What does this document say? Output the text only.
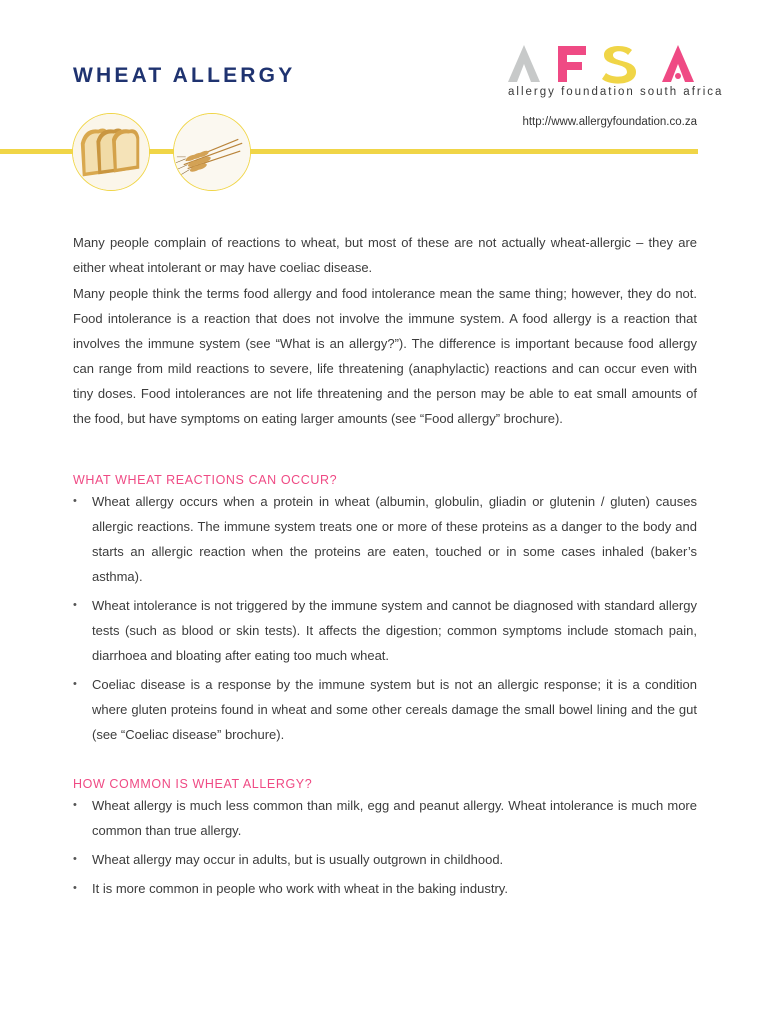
WHEAT ALLERGY
allergy foundation south africa
http://www.allergyfoundation.co.za

Many people complain of reactions to wheat, but most of these are not actually wheat-allergic – they are either wheat intolerant or may have coeliac disease.

Many people think the terms food allergy and food intolerance mean the same thing; however, they do not. Food intolerance is a reaction that does not involve the immune system. A food allergy is a reaction that involves the immune system (see “What is an allergy?”). The difference is important because food allergy can range from mild reactions to severe, life threatening (anaphylactic) reactions and can occur even with tiny doses. Food intolerances are not life threatening and the person may be able to eat small amounts of the food, but have symptoms on eating larger amounts (see “Food allergy” brochure).

WHAT WHEAT REACTIONS CAN OCCUR?
• Wheat allergy occurs when a protein in wheat (albumin, globulin, gliadin or glutenin / gluten) causes allergic reactions. The immune system treats one or more of these proteins as a danger to the body and starts an allergic reaction when the proteins are eaten, touched or in some cases inhaled (baker’s asthma).
• Wheat intolerance is not triggered by the immune system and cannot be diagnosed with standard allergy tests (such as blood or skin tests). It affects the digestion; common symptoms include stomach pain, diarrhoea and bloating after eating too much wheat.
• Coeliac disease is a response by the immune system but is not an allergic response; it is a condition where gluten proteins found in wheat and some other cereals damage the small bowel lining and the gut (see “Coeliac disease” brochure).
HOW COMMON IS WHEAT ALLERGY?
• Wheat allergy is much less common than milk, egg and peanut allergy. Wheat intolerance is much more common than true allergy.
• Wheat allergy may occur in adults, but is usually outgrown in childhood.
• It is more common in people who work with wheat in the baking industry.
